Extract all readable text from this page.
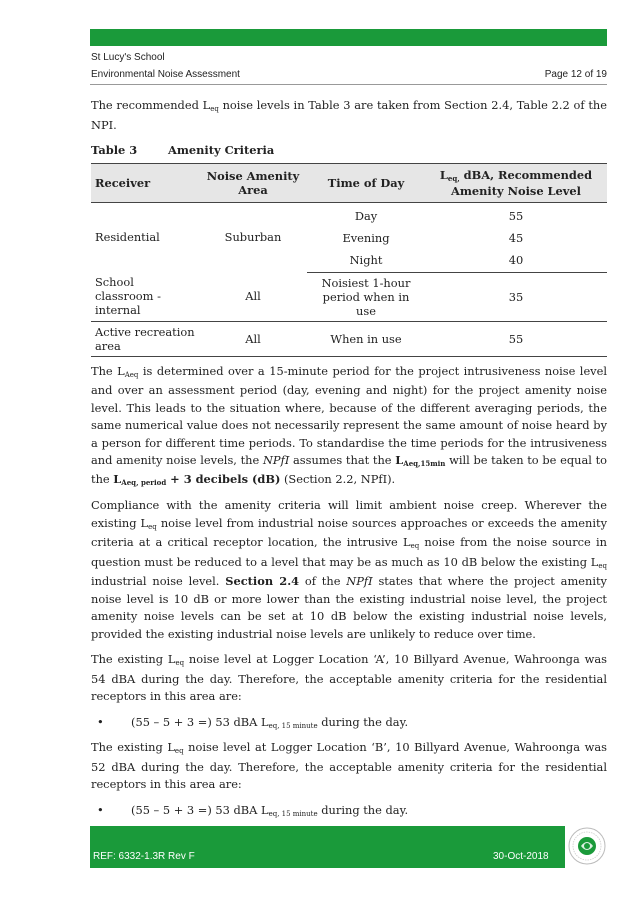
St Lucy's School
Environmental Noise Assessment	Page 12 of 19

The recommended $L_{eq}$ noise levels in Table 3 are taken from Section 2.4, Table 2.2 of the NPI.

Table 3	Amenity Criteria
Receiver	Noise Amenity Area	Time of Day	$L_{eq,}$ dBA, Recommended Amenity Noise Level
Residential	Suburban	Day	55
		Evening	45
		Night	40
School classroom - internal	All	Noisiest 1-hour period when in use	35
Active recreation area	All	When in use	55

The $L_{Aeq}$ is determined over a 15-minute period for the project intrusiveness noise level and over an assessment period (day, evening and night) for the project amenity noise level. This leads to the situation where, because of the different averaging periods, the same numerical value does not necessarily represent the same amount of noise heard by a person for different time periods. To standardise the time periods for the intrusiveness and amenity noise levels, the NPfI assumes that the $L_{Aeq,15min}$ will be taken to be equal to the $L_{Aeq, period} + 3$ decibels (dB) (Section 2.2, NPfI).

Compliance with the amenity criteria will limit ambient noise creep. Wherever the existing $L_{eq}$ noise level from industrial noise sources approaches or exceeds the amenity criteria at a critical receptor location, the intrusive $L_{eq}$ noise from the noise source in question must be reduced to a level that may be as much as 10 dB below the existing $L_{eq}$ industrial noise level. Section 2.4 of the NPfI states that where the project amenity noise level is 10 dB or more lower than the existing industrial noise level, the project amenity noise levels can be set at 10 dB below the existing industrial noise levels, provided the existing industrial noise levels are unlikely to reduce over time.

The existing $L_{eq}$ noise level at Logger Location ‘A’, 10 Billyard Avenue, Wahroonga was 54 dBA during the day. Therefore, the acceptable amenity criteria for the residential receptors in this area are:

• (55 – 5 + 3 =) 53 dBA $L_{eq, 15 minute}$ during the day.

The existing $L_{eq}$ noise level at Logger Location ‘B’, 10 Billyard Avenue, Wahroonga was 52 dBA during the day. Therefore, the acceptable amenity criteria for the residential receptors in this area are:

• (55 – 5 + 3 =) 53 dBA $L_{eq, 15 minute}$ during the day.
REF: 6332-1.3R Rev F	30-Oct-2018
